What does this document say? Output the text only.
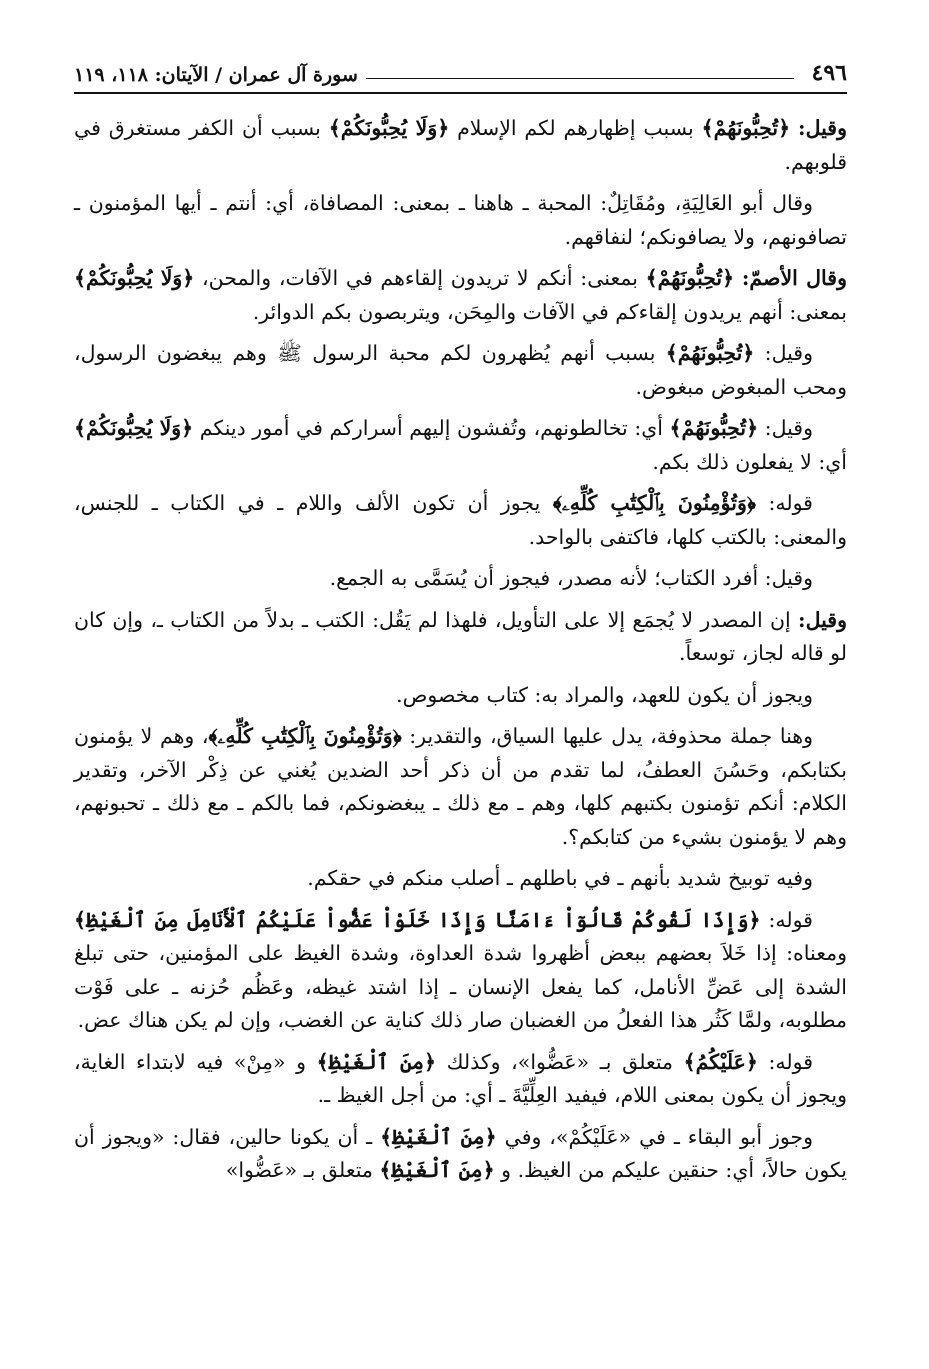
٤٩٦
سورة آل عمران / الآيتان: ١١٨، ١١٩

وقيل: ﴿تُحِبُّونَهُمْ﴾ بسبب إظهارهم لكم الإسلام ﴿وَلَا يُحِبُّونَكُمْ﴾ بسبب أن الكفر مستغرق في قلوبهم.

وقال أبو العَالِيَةِ، ومُقَاتِلٌ: المحبة ـ هاهنا ـ بمعنى: المصافاة، أي: أنتم ـ أيها المؤمنون ـ تصافونهم، ولا يصافونكم؛ لنفاقهم.

وقال الأصمّ: ﴿تُحِبُّونَهُمْ﴾ بمعنى: أنكم لا تريدون إلقاءهم في الآفات، والمحن، ﴿وَلَا يُحِبُّونَكُمْ﴾ بمعنى: أنهم يريدون إلقاءكم في الآفات والمِحَن، ويتربصون بكم الدوائر.

وقيل: ﴿تُحِبُّونَهُمْ﴾ بسبب أنهم يُظهرون لكم محبة الرسول ﷺ وهم يبغضون الرسول، ومحب المبغوض مبغوض.

وقيل: ﴿تُحِبُّونَهُمْ﴾ أي: تخالطونهم، وتُفشون إليهم أسراركم في أمور دينكم ﴿وَلَا يُحِبُّونَكُمْ﴾ أي: لا يفعلون ذلك بكم.

قوله: ﴿وَتُؤْمِنُونَ بِٱلْكِتَٰبِ كُلِّهِۦ﴾ يجوز أن تكون الألف واللام ـ في الكتاب ـ للجنس، والمعنى: بالكتب كلها، فاكتفى بالواحد.

وقيل: أفرد الكتاب؛ لأنه مصدر، فيجوز أن يُسَمَّى به الجمع.

وقيل: إن المصدر لا يُجمَع إلا على التأويل، فلهذا لم يَقُل: الكتب ـ بدلاً من الكتاب ـ، وإن كان لو قاله لجاز، توسعاً.

ويجوز أن يكون للعهد، والمراد به: كتاب مخصوص.

وهنا جملة محذوفة، يدل عليها السياق، والتقدير: ﴿وَتُؤْمِنُونَ بِٱلْكِتَٰبِ كُلِّهِۦ﴾، وهم لا يؤمنون بكتابكم، وحَسُنَ العطفُ، لما تقدم من أن ذكر أحد الضدين يُغني عن ذِكْر الآخر، وتقدير الكلام: أنكم تؤمنون بكتبهم كلها، وهم ـ مع ذلك ـ يبغضونكم، فما بالكم ـ مع ذلك ـ تحبونهم، وهم لا يؤمنون بشيء من كتابكم؟.

وفيه توبيخ شديد بأنهم ـ في باطلهم ـ أصلب منكم في حقكم.

قوله: ﴿وَإِذَا لَقُوكُمْ قَالُوٓاْ ءَامَنَّا وَإِذَا خَلَوْاْ عَضُّواْ عَلَيْكُمُ ٱلْأَنَامِلَ مِنَ ٱلْغَيْظِ﴾ ومعناه: إذا خَلاَ بعضهم ببعض أظهروا شدة العداوة، وشدة الغيظ على المؤمنين، حتى تبلغ الشدة إلى عَضِّ الأنامل، كما يفعل الإنسان ـ إذا اشتد غيظه، وعَظُم حُزنه ـ على فَوْت مطلوبه، ولمَّا كَثُر هذا الفعلُ من الغضبان صار ذلك كناية عن الغضب، وإن لم يكن هناك عض.

قوله: ﴿عَلَيْكُمُ﴾ متعلق بـ «عَضُّوا»، وكذلك ﴿مِنَ ٱلْغَيْظِ﴾ و «مِنْ» فيه لابتداء الغاية، ويجوز أن يكون بمعنى اللام، فيفيد العِلِّيَّةَ ـ أي: من أجل الغيظ ـ.

وجوز أبو البقاء ـ في «عَلَيْكُمْ»، وفي ﴿مِنَ ٱلْغَيْظِ﴾ ـ أن يكونا حالين، فقال: «ويجوز أن يكون حالاً، أي: حنقين عليكم من الغيظ. و ﴿مِنَ ٱلْغَيْظِ﴾ متعلق بـ «عَضُّوا»
